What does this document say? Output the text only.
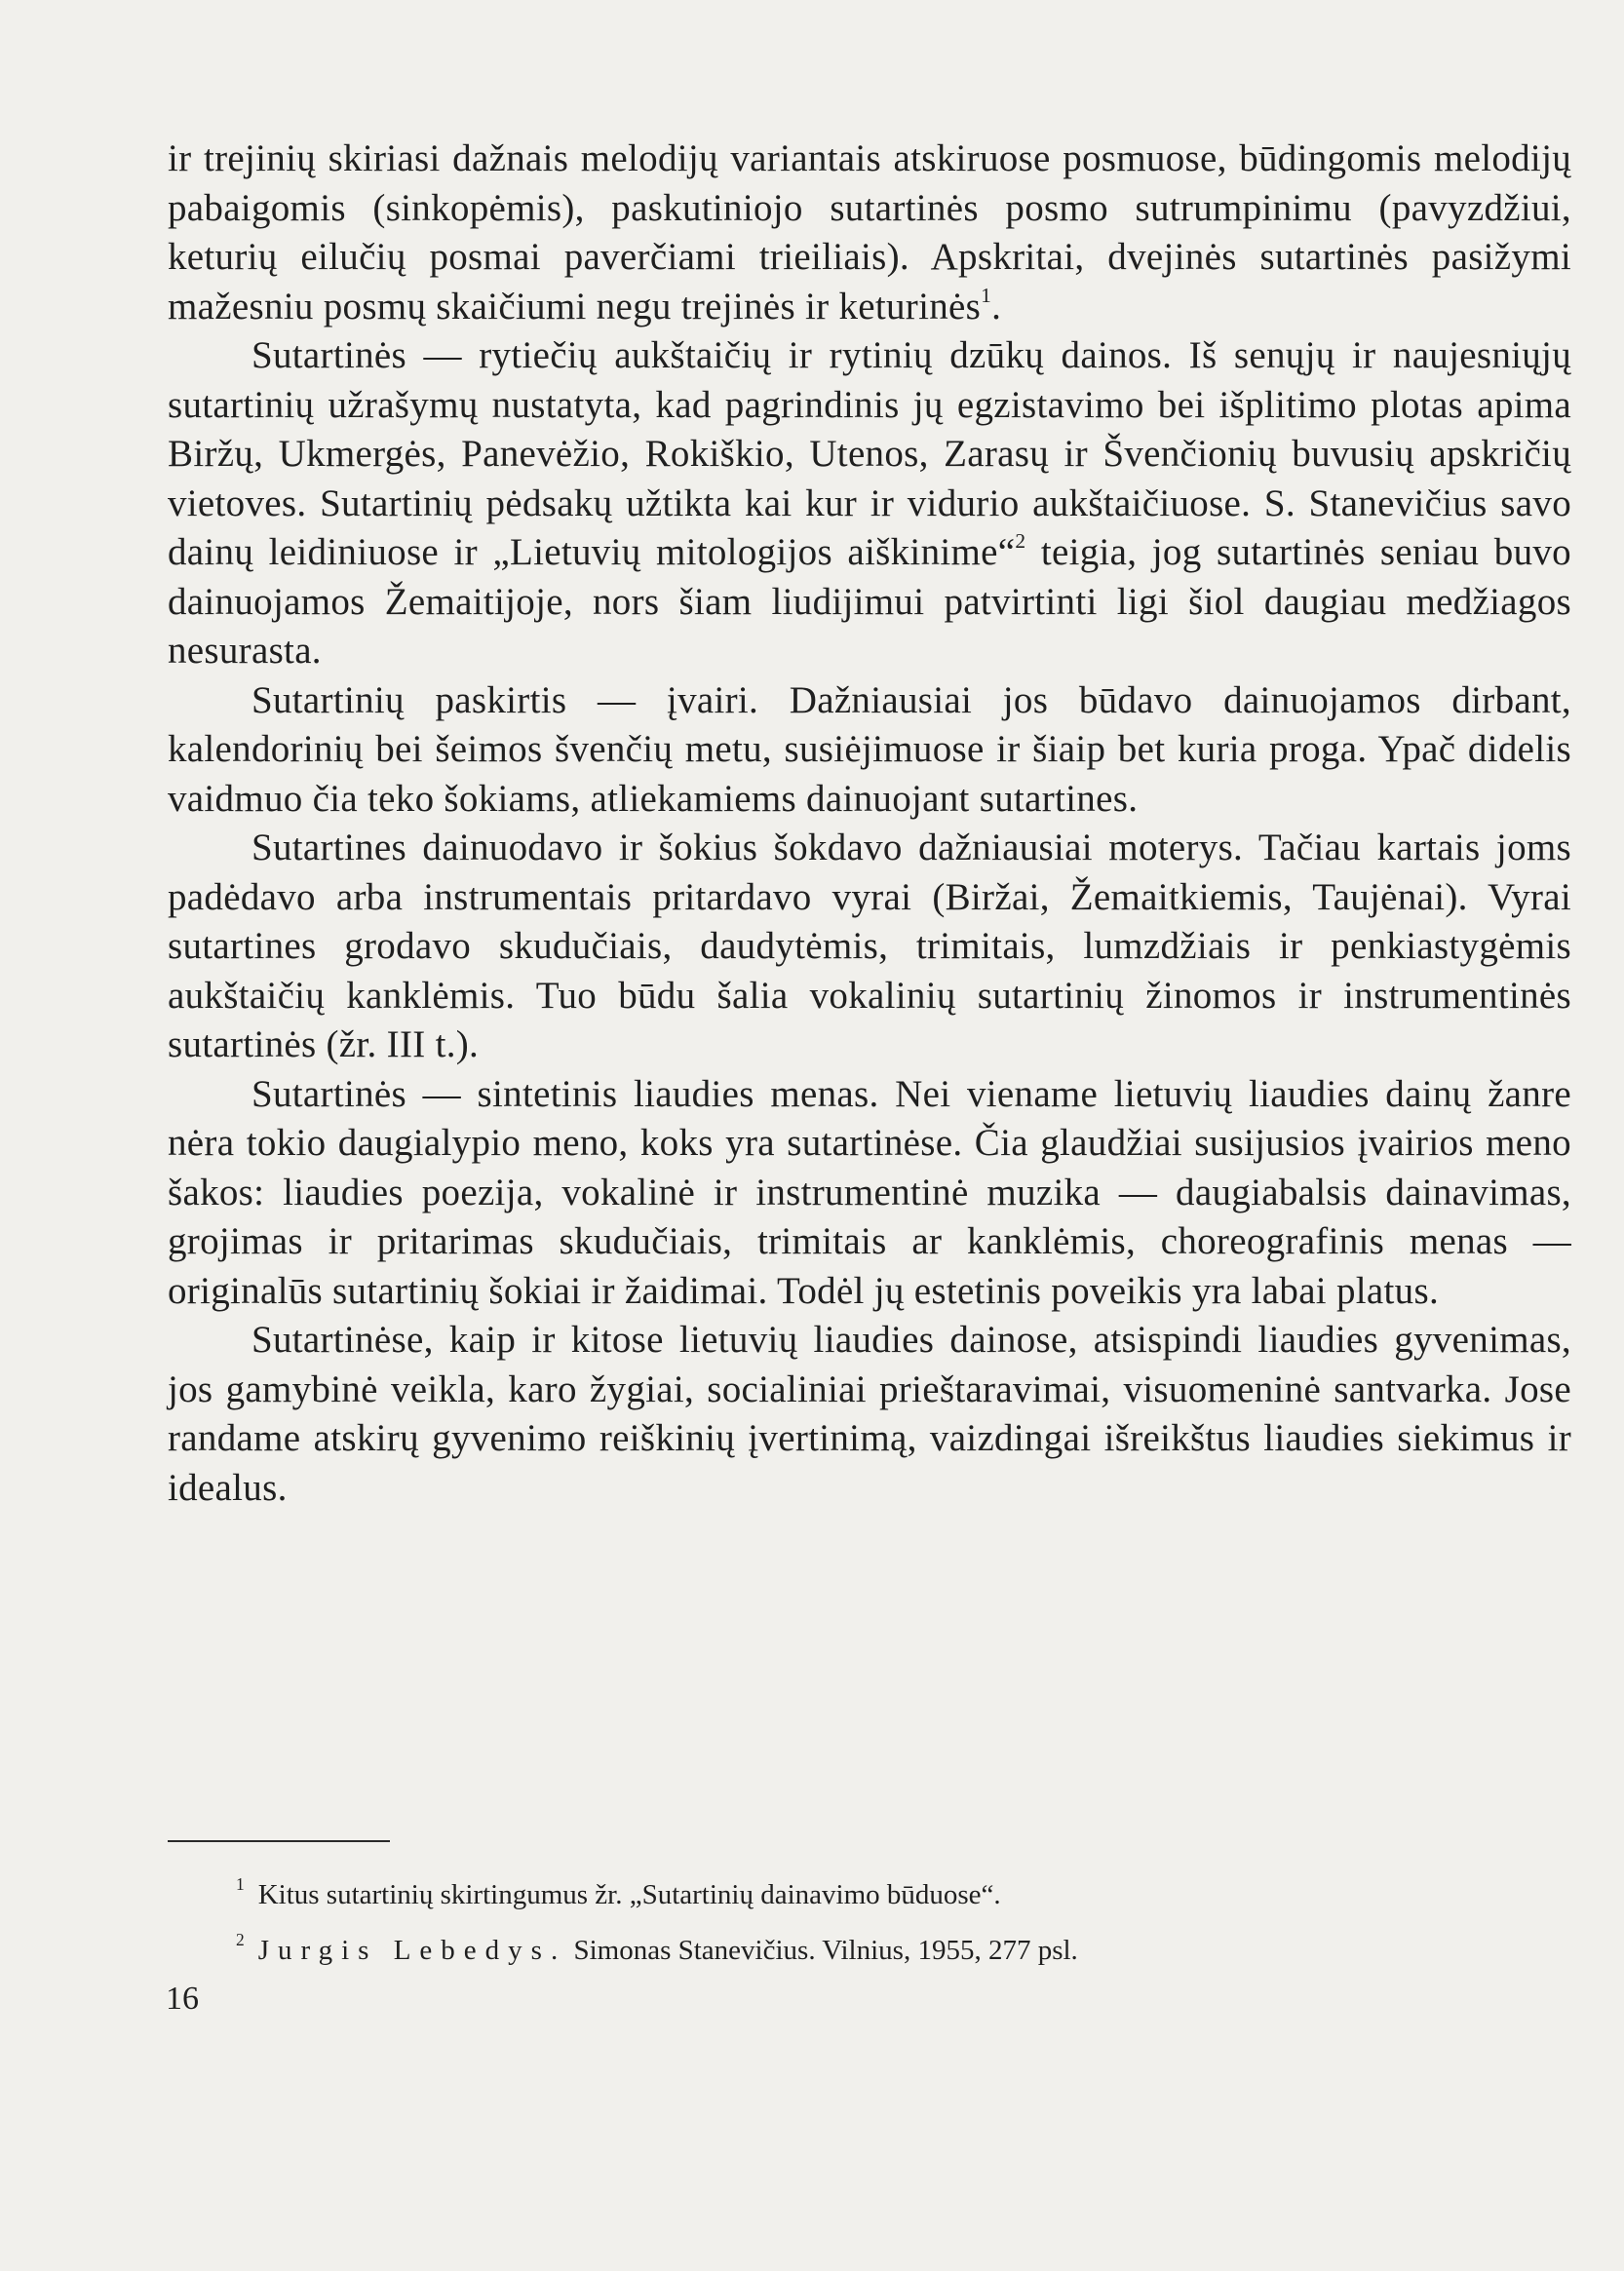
ir trejinių skiriasi dažnais melodijų variantais atskiruose posmuose, būdingomis melodijų pabaigomis (sinkopėmis), paskutiniojo sutartinės posmo sutrumpinimu (pavyzdžiui, keturių eilučių posmai paverčiami trieiliais). Apskritai, dvejinės sutartinės pasižymi mažesniu posmų skaičiumi negu trejinės ir keturinės$^1$.

Sutartinės — rytiečių aukštaičių ir rytinių dzūkų dainos. Iš senųjų ir naujesniųjų sutartinių užrašymų nustatyta, kad pagrindinis jų egzistavimo bei išplitimo plotas apima Biržų, Ukmergės, Panevėžio, Rokiškio, Utenos, Zarasų ir Švenčionių buvusių apskričių vietoves. Sutartinių pėdsakų užtikta kai kur ir vidurio aukštaičiuose. S. Stanevičius savo dainų leidiniuose ir „Lietuvių mitologijos aiškinime“$^2$ teigia, jog sutartinės seniau buvo dainuojamos Žemaitijoje, nors šiam liudijimui patvirtinti ligi šiol daugiau medžiagos nesurasta.

Sutartinių paskirtis — įvairi. Dažniausiai jos būdavo dainuojamos dirbant, kalendorinių bei šeimos švenčių metu, susiėjimuose ir šiaip bet kuria proga. Ypač didelis vaidmuo čia teko šokiams, atliekamiems dainuojant sutartines.

Sutartines dainuodavo ir šokius šokdavo dažniausiai moterys. Tačiau kartais joms padėdavo arba instrumentais pritardavo vyrai (Biržai, Žemaitkiemis, Taujėnai). Vyrai sutartines grodavo skudučiais, daudytėmis, trimitais, lumzdžiais ir penkiastygėmis aukštaičių kanklėmis. Tuo būdu šalia vokalinių sutartinių žinomos ir instrumentinės sutartinės (žr. III t.).

Sutartinės — sintetinis liaudies menas. Nei viename lietuvių liaudies dainų žanre nėra tokio daugialypio meno, koks yra sutartinėse. Čia glaudžiai susijusios įvairios meno šakos: liaudies poezija, vokalinė ir instrumentinė muzika — daugiabalsis dainavimas, grojimas ir pritarimas skudučiais, trimitais ar kanklėmis, choreografinis menas — originalūs sutartinių šokiai ir žaidimai. Todėl jų estetinis poveikis yra labai platus.

Sutartinėse, kaip ir kitose lietuvių liaudies dainose, atsispindi liaudies gyvenimas, jos gamybinė veikla, karo žygiai, socialiniai prieštaravimai, visuomeninė santvarka. Jose randame atskirų gyvenimo reiškinių įvertinimą, vaizdingai išreikštus liaudies siekimus ir idealus.

$^1$ Kitus sutartinių skirtingumus žr. „Sutartinių dainavimo būduose“.
$^2$ Jurgis Lebedys. Simonas Stanevičius. Vilnius, 1955, 277 psl.
16
